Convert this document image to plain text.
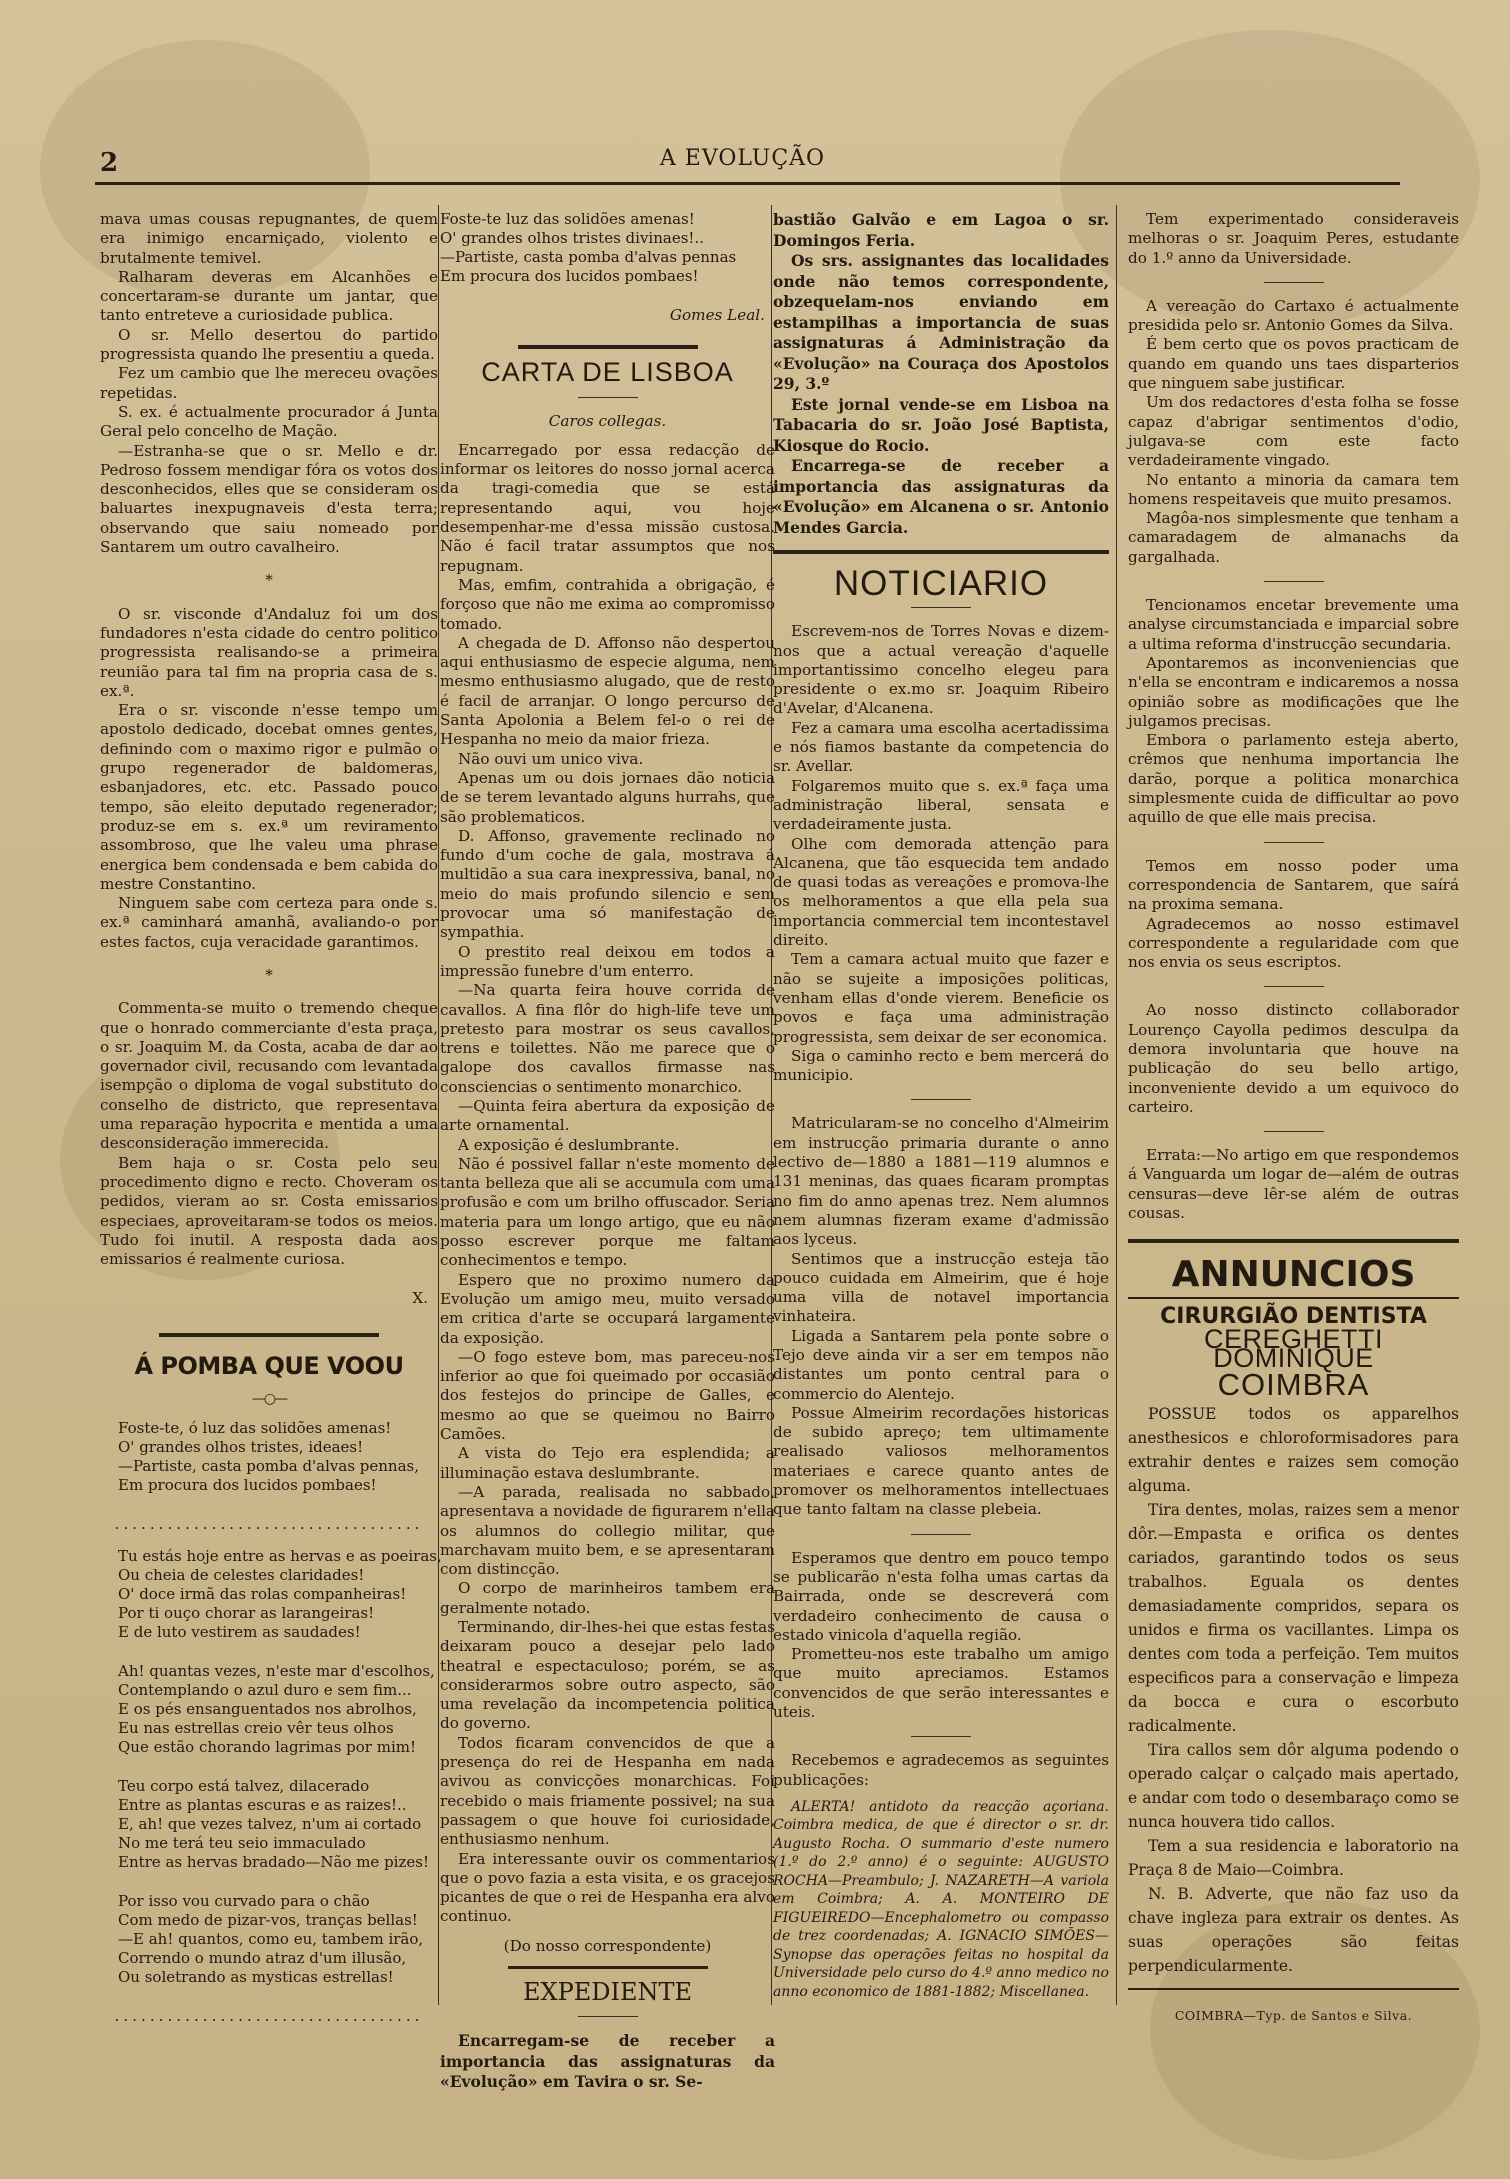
2	A EVOLUÇÃO

mava umas cousas repugnantes, de quem era inimigo encarniçado, violento e brutalmente temivel.

Ralharam deveras em Alcanhões e concertaram-se durante um jantar, que tanto entreteve a curiosidade publica.

O sr. Mello desertou do partido progressista quando lhe presentiu a queda.

Fez um cambio que lhe mereceu ovações repetidas.

S. ex. é actualmente procurador á Junta Geral pelo concelho de Mação.

—Estranha-se que o sr. Mello e dr. Pedroso fossem mendigar fóra os votos dos desconhecidos, elles que se consideram os baluartes inexpugnaveis d'esta terra; observando que saiu nomeado por Santarem um outro cavalheiro.

*

O sr. visconde d'Andaluz foi um dos fundadores n'esta cidade do centro politico progressista realisando-se a primeira reunião para tal fim na propria casa de s. ex.ª.

Era o sr. visconde n'esse tempo um apostolo dedicado, docebat omnes gentes, definindo com o maximo rigor e pulmão o grupo regenerador de baldomeras, esbanjadores, etc. etc. Passado pouco tempo, são eleito deputado regenerador; produz-se em s. ex.ª um reviramento assombroso, que lhe valeu uma phrase energica bem condensada e bem cabida do mestre Constantino.

Ninguem sabe com certeza para onde s. ex.ª caminhará amanhã, avaliando-o por estes factos, cuja veracidade garantimos.

*

Commenta-se muito o tremendo cheque que o honrado commerciante d'esta praça, o sr. Joaquim M. da Costa, acaba de dar ao governador civil, recusando com levantada isempção o diploma de vogal substituto do conselho de districto, que representava uma reparação hypocrita e mentida a uma desconsideração immerecida.

Bem haja o sr. Costa pelo seu procedimento digno e recto. Choveram os pedidos, vieram ao sr. Costa emissarios especiaes, aproveitaram-se todos os meios. Tudo foi inutil. A resposta dada aos emissarios é realmente curiosa.

X.
Á POMBA QUE VOOU
—○—
Foste-te, ó luz das solidões amenas!
O' grandes olhos tristes, ideaes!
—Partiste, casta pomba d'alvas pennas,
Em procura dos lucidos pombaes!
...................................
Tu estás hoje entre as hervas e as poeiras,
Ou cheia de celestes claridades!
O' doce irmã das rolas companheiras!
Por ti ouço chorar as larangeiras!
E de luto vestirem as saudades!
Ah! quantas vezes, n'este mar d'escolhos,
Contemplando o azul duro e sem fim...
E os pés ensanguentados nos abrolhos,
Eu nas estrellas creio vêr teus olhos
Que estão chorando lagrimas por mim!
Teu corpo está talvez, dilacerado
Entre as plantas escuras e as raizes!..
E, ah! que vezes talvez, n'um ai cortado
No me terá teu seio immaculado
Entre as hervas bradado—Não me pizes!
Por isso vou curvado para o chão
Com medo de pizar-vos, tranças bellas!
—E ah! quantos, como eu, tambem irão,
Correndo o mundo atraz d'um illusão,
Ou soletrando as mysticas estrellas!
...................................
Foste-te luz das solidões amenas!
O' grandes olhos tristes divinaes!..
—Partiste, casta pomba d'alvas pennas
Em procura dos lucidos pombaes!
Gomes Leal.
CARTA DE LISBOA
Caros collegas.

Encarregado por essa redacção de informar os leitores do nosso jornal acerca da tragi-comedia que se está representando aqui, vou hoje desempenhar-me d'essa missão custosa. Não é facil tratar assumptos que nos repugnam.

Mas, emfim, contrahida a obrigação, é forçoso que não me exima ao compromisso tomado.

A chegada de D. Affonso não despertou aqui enthusiasmo de especie alguma, nem mesmo enthusiasmo alugado, que de resto é facil de arranjar. O longo percurso de Santa Apolonia a Belem fel-o o rei de Hespanha no meio da maior frieza.

Não ouvi um unico viva.

Apenas um ou dois jornaes dão noticia de se terem levantado alguns hurrahs, que são problematicos.

D. Affonso, gravemente reclinado no fundo d'um coche de gala, mostrava á multidão a sua cara inexpressiva, banal, no meio do mais profundo silencio e sem provocar uma só manifestação de sympathia.

O prestito real deixou em todos a impressão funebre d'um enterro.

—Na quarta feira houve corrida de cavallos. A fina flôr do high-life teve um pretesto para mostrar os seus cavallos, trens e toilettes. Não me parece que o galope dos cavallos firmasse nas consciencias o sentimento monarchico.

—Quinta feira abertura da exposição de arte ornamental.

A exposição é deslumbrante.

Não é possivel fallar n'este momento de tanta belleza que ali se accumula com uma profusão e com um brilho offuscador. Seria materia para um longo artigo, que eu não posso escrever porque me faltam conhecimentos e tempo.

Espero que no proximo numero da Evolução um amigo meu, muito versado em critica d'arte se occupará largamente da exposição.

—O fogo esteve bom, mas pareceu-nos inferior ao que foi queimado por occasião dos festejos do principe de Galles, e mesmo ao que se queimou no Bairro Camões.

A vista do Tejo era esplendida; a illuminação estava deslumbrante.

—A parada, realisada no sabbado, apresentava a novidade de figurarem n'ella os alumnos do collegio militar, que marchavam muito bem, e se apresentaram com distincção.

O corpo de marinheiros tambem era geralmente notado.

Terminando, dir-lhes-hei que estas festas deixaram pouco a desejar pelo lado theatral e espectaculoso; porém, se as considerarmos sobre outro aspecto, são uma revelação da incompetencia politica do governo.

Todos ficaram convencidos de que a presença do rei de Hespanha em nada avivou as convicções monarchicas. Foi recebido o mais friamente possivel; na sua passagem o que houve foi curiosidade, enthusiasmo nenhum.

Era interessante ouvir os commentarios que o povo fazia a esta visita, e os gracejos picantes de que o rei de Hespanha era alvo continuo.

(Do nosso correspondente)
EXPEDIENTE
Encarregam-se de receber a importancia das assignaturas da «Evolução» em Tavira o sr. Se-
bastião Galvão e em Lagoa o sr. Domingos Feria.
Os srs. assignantes das localidades onde não temos correspondente, obzequelam-nos enviando em estampilhas a importancia de suas assignaturas á Administração da «Evolução» na Couraça dos Apostolos 29, 3.º
Este jornal vende-se em Lisboa na Tabacaria do sr. João José Baptista, Kiosque do Rocio.
Encarrega-se de receber a importancia das assignaturas da «Evolução» em Alcanena o sr. Antonio Mendes Garcia.
NOTICIARIO

Escrevem-nos de Torres Novas e dizem-nos que a actual vereação d'aquelle importantissimo concelho elegeu para presidente o ex.mo sr. Joaquim Ribeiro d'Avelar, d'Alcanena.

Fez a camara uma escolha acertadissima e nós fiamos bastante da competencia do sr. Avellar.

Folgaremos muito que s. ex.ª faça uma administração liberal, sensata e verdadeiramente justa.

Olhe com demorada attenção para Alcanena, que tão esquecida tem andado de quasi todas as vereações e promova-lhe os melhoramentos a que ella pela sua importancia commercial tem incontestavel direito.

Tem a camara actual muito que fazer e não se sujeite a imposições politicas, venham ellas d'onde vierem. Beneficie os povos e faça uma administração progressista, sem deixar de ser economica.

Siga o caminho recto e bem mercerá do municipio.

Matricularam-se no concelho d'Almeirim em instrucção primaria durante o anno lectivo de—1880 a 1881—119 alumnos e 131 meninas, das quaes ficaram promptas no fim do anno apenas trez. Nem alumnos nem alumnas fizeram exame d'admissão aos lyceus.

Sentimos que a instrucção esteja tão pouco cuidada em Almeirim, que é hoje uma villa de notavel importancia vinhateira.

Ligada a Santarem pela ponte sobre o Tejo deve ainda vir a ser em tempos não distantes um ponto central para o commercio do Alentejo.

Possue Almeirim recordações historicas de subido apreço; tem ultimamente realisado valiosos melhoramentos materiaes e carece quanto antes de promover os melhoramentos intellectuaes que tanto faltam na classe plebeia.

Esperamos que dentro em pouco tempo se publicarão n'esta folha umas cartas da Bairrada, onde se descreverá com verdadeiro conhecimento de causa o estado vinicola d'aquella região.

Prometteu-nos este trabalho um amigo que muito apreciamos. Estamos convencidos de que serão interessantes e uteis.

Recebemos e agradecemos as seguintes publicações:

ALERTA! antidoto da reacção açoriana. Coimbra medica, de que é director o sr. dr. Augusto Rocha. O summario d'este numero (1.º do 2.º anno) é o seguinte: AUGUSTO ROCHA—Preambulo; J. NAZARETH—A variola em Coimbra; A. A. MONTEIRO DE FIGUEIREDO—Encephalometro ou compasso de trez coordenadas; A. IGNACIO SIMÕES—Synopse das operações feitas no hospital da Universidade pelo curso do 4.º anno medico no anno economico de 1881-1882; Miscellanea.

Tem experimentado consideraveis melhoras o sr. Joaquim Peres, estudante do 1.º anno da Universidade.

A vereação do Cartaxo é actualmente presidida pelo sr. Antonio Gomes da Silva.

É bem certo que os povos practicam de quando em quando uns taes disparterios que ninguem sabe justificar.

Um dos redactores d'esta folha se fosse capaz d'abrigar sentimentos d'odio, julgava-se com este facto verdadeiramente vingado.

No entanto a minoria da camara tem homens respeitaveis que muito presamos.

Magôa-nos simplesmente que tenham a camaradagem de almanachs da gargalhada.

Tencionamos encetar brevemente uma analyse circumstanciada e imparcial sobre a ultima reforma d'instrucção secundaria.

Apontaremos as inconveniencias que n'ella se encontram e indicaremos a nossa opinião sobre as modificações que lhe julgamos precisas.

Embora o parlamento esteja aberto, crêmos que nenhuma importancia lhe darão, porque a politica monarchica simplesmente cuida de difficultar ao povo aquillo de que elle mais precisa.

Temos em nosso poder uma correspondencia de Santarem, que saírá na proxima semana.

Agradecemos ao nosso estimavel correspondente a regularidade com que nos envia os seus escriptos.

Ao nosso distincto collaborador Lourenço Cayolla pedimos desculpa da demora involuntaria que houve na publicação do seu bello artigo, inconveniente devido a um equivoco do carteiro.

Errata:—No artigo em que respondemos á Vanguarda um logar de—além de outras censuras—deve lêr-se além de outras cousas.

ANNUNCIOS
CIRURGIÃO DENTISTA
CEREGHETTI DOMINIQUE
COIMBRA

POSSUE todos os apparelhos anesthesicos e chloroformisadores para extrahir dentes e raizes sem comoção alguma.

Tira dentes, molas, raizes sem a menor dôr.—Empasta e orifica os dentes cariados, garantindo todos os seus trabalhos. Eguala os dentes demasiadamente compridos, separa os unidos e firma os vacillantes. Limpa os dentes com toda a perfeição. Tem muitos especificos para a conservação e limpeza da bocca e cura o escorbuto radicalmente.

Tira callos sem dôr alguma podendo o operado calçar o calçado mais apertado, e andar com todo o desembaraço como se nunca houvera tido callos.

Tem a sua residencia e laboratorio na Praça 8 de Maio—Coimbra.

N. B. Adverte, que não faz uso da chave ingleza para extrair os dentes. As suas operações são feitas perpendicularmente.

COIMBRA—Typ. de Santos e Silva.
